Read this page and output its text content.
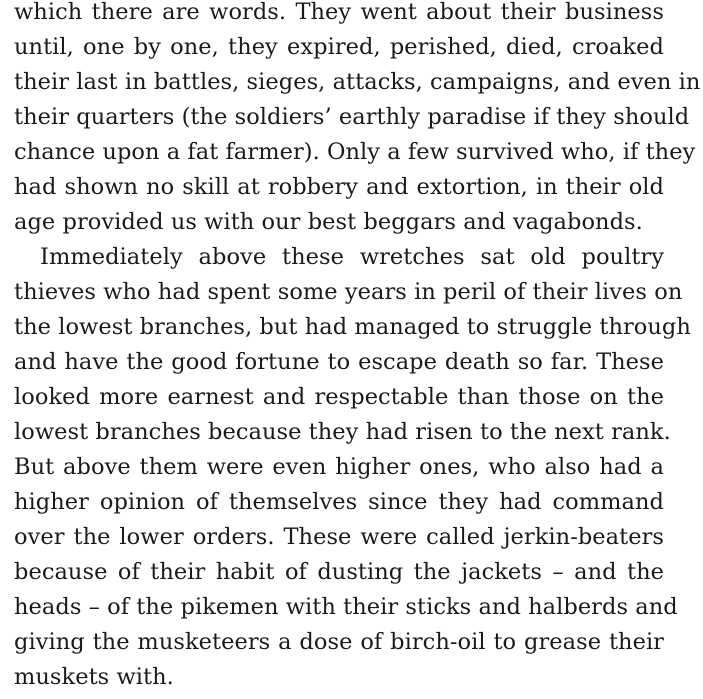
which there are words. They went about their business
until, one by one, they expired, perished, died, croaked
their last in battles, sieges, attacks, campaigns, and even in
their quarters (the soldiers’ earthly paradise if they should
chance upon a fat farmer). Only a few survived who, if they
had shown no skill at robbery and extortion, in their old
age provided us with our best beggars and vagabonds.
Immediately above these wretches sat old poultry
thieves who had spent some years in peril of their lives on
the lowest branches, but had managed to struggle through
and have the good fortune to escape death so far. These
looked more earnest and respectable than those on the
lowest branches because they had risen to the next rank.
But above them were even higher ones, who also had a
higher opinion of themselves since they had command
over the lower orders. These were called jerkin-beaters
because of their habit of dusting the jackets – and the
heads – of the pikemen with their sticks and halberds and
giving the musketeers a dose of birch-oil to grease their
muskets with.
